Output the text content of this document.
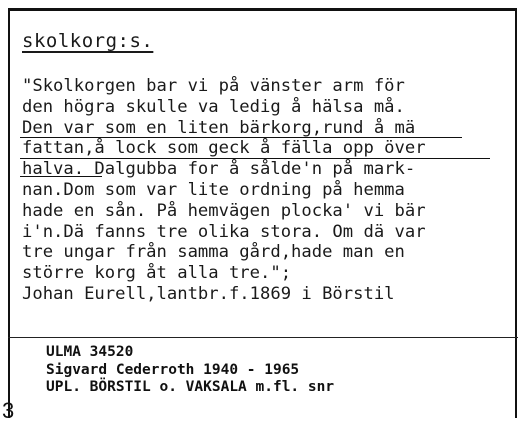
skolkorg:s.
"Skolkorgen bar vi på vänster arm för
den högra skulle va ledig å hälsa må.
Den var som en liten bärkorg,rund å mä
fattan,å lock som geck å fälla opp över
halva. Dalgubba for å sålde'n på mark-
nan.Dom som var lite ordning på hemma
hade en sån. På hemvägen plocka' vi bär
i'n.Dä fanns tre olika stora. Om dä var
tre ungar från samma gård,hade man en
större korg åt alla tre.";
Johan Eurell,lantbr.f.1869 i Börstil
ULMA 34520
Sigvard Cederroth 1940 - 1965
UPL. BÖRSTIL o. VAKSALA m.fl. snr
3
